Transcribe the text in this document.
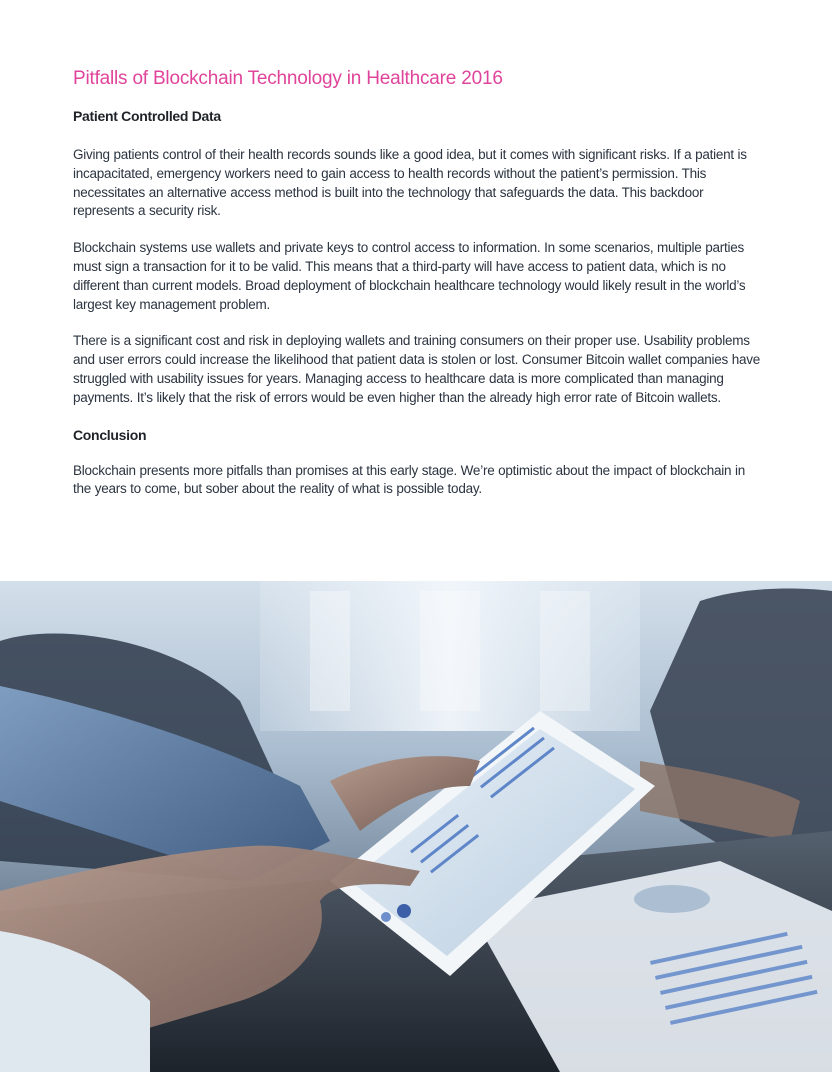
Pitfalls of Blockchain Technology in Healthcare 2016
Patient Controlled Data

Giving patients control of their health records sounds like a good idea, but it comes with significant risks. If a patient is incapacitated, emergency workers need to gain access to health records without the patient’s permission. This necessitates an alternative access method is built into the technology that safeguards the data. This backdoor represents a security risk.

Blockchain systems use wallets and private keys to control access to information. In some scenarios, multiple parties must sign a transaction for it to be valid. This means that a third-party will have access to patient data, which is no different than current models. Broad deployment of blockchain healthcare technology would likely result in the world’s largest key management problem.

There is a significant cost and risk in deploying wallets and training consumers on their proper use. Usability problems and user errors could increase the likelihood that patient data is stolen or lost. Consumer Bitcoin wallet companies have struggled with usability issues for years. Managing access to healthcare data is more complicated than managing payments. It’s likely that the risk of errors would be even higher than the already high error rate of Bitcoin wallets.

Conclusion

Blockchain presents more pitfalls than promises at this early stage. We’re optimistic about the impact of blockchain in the years to come, but sober about the reality of what is possible today.
